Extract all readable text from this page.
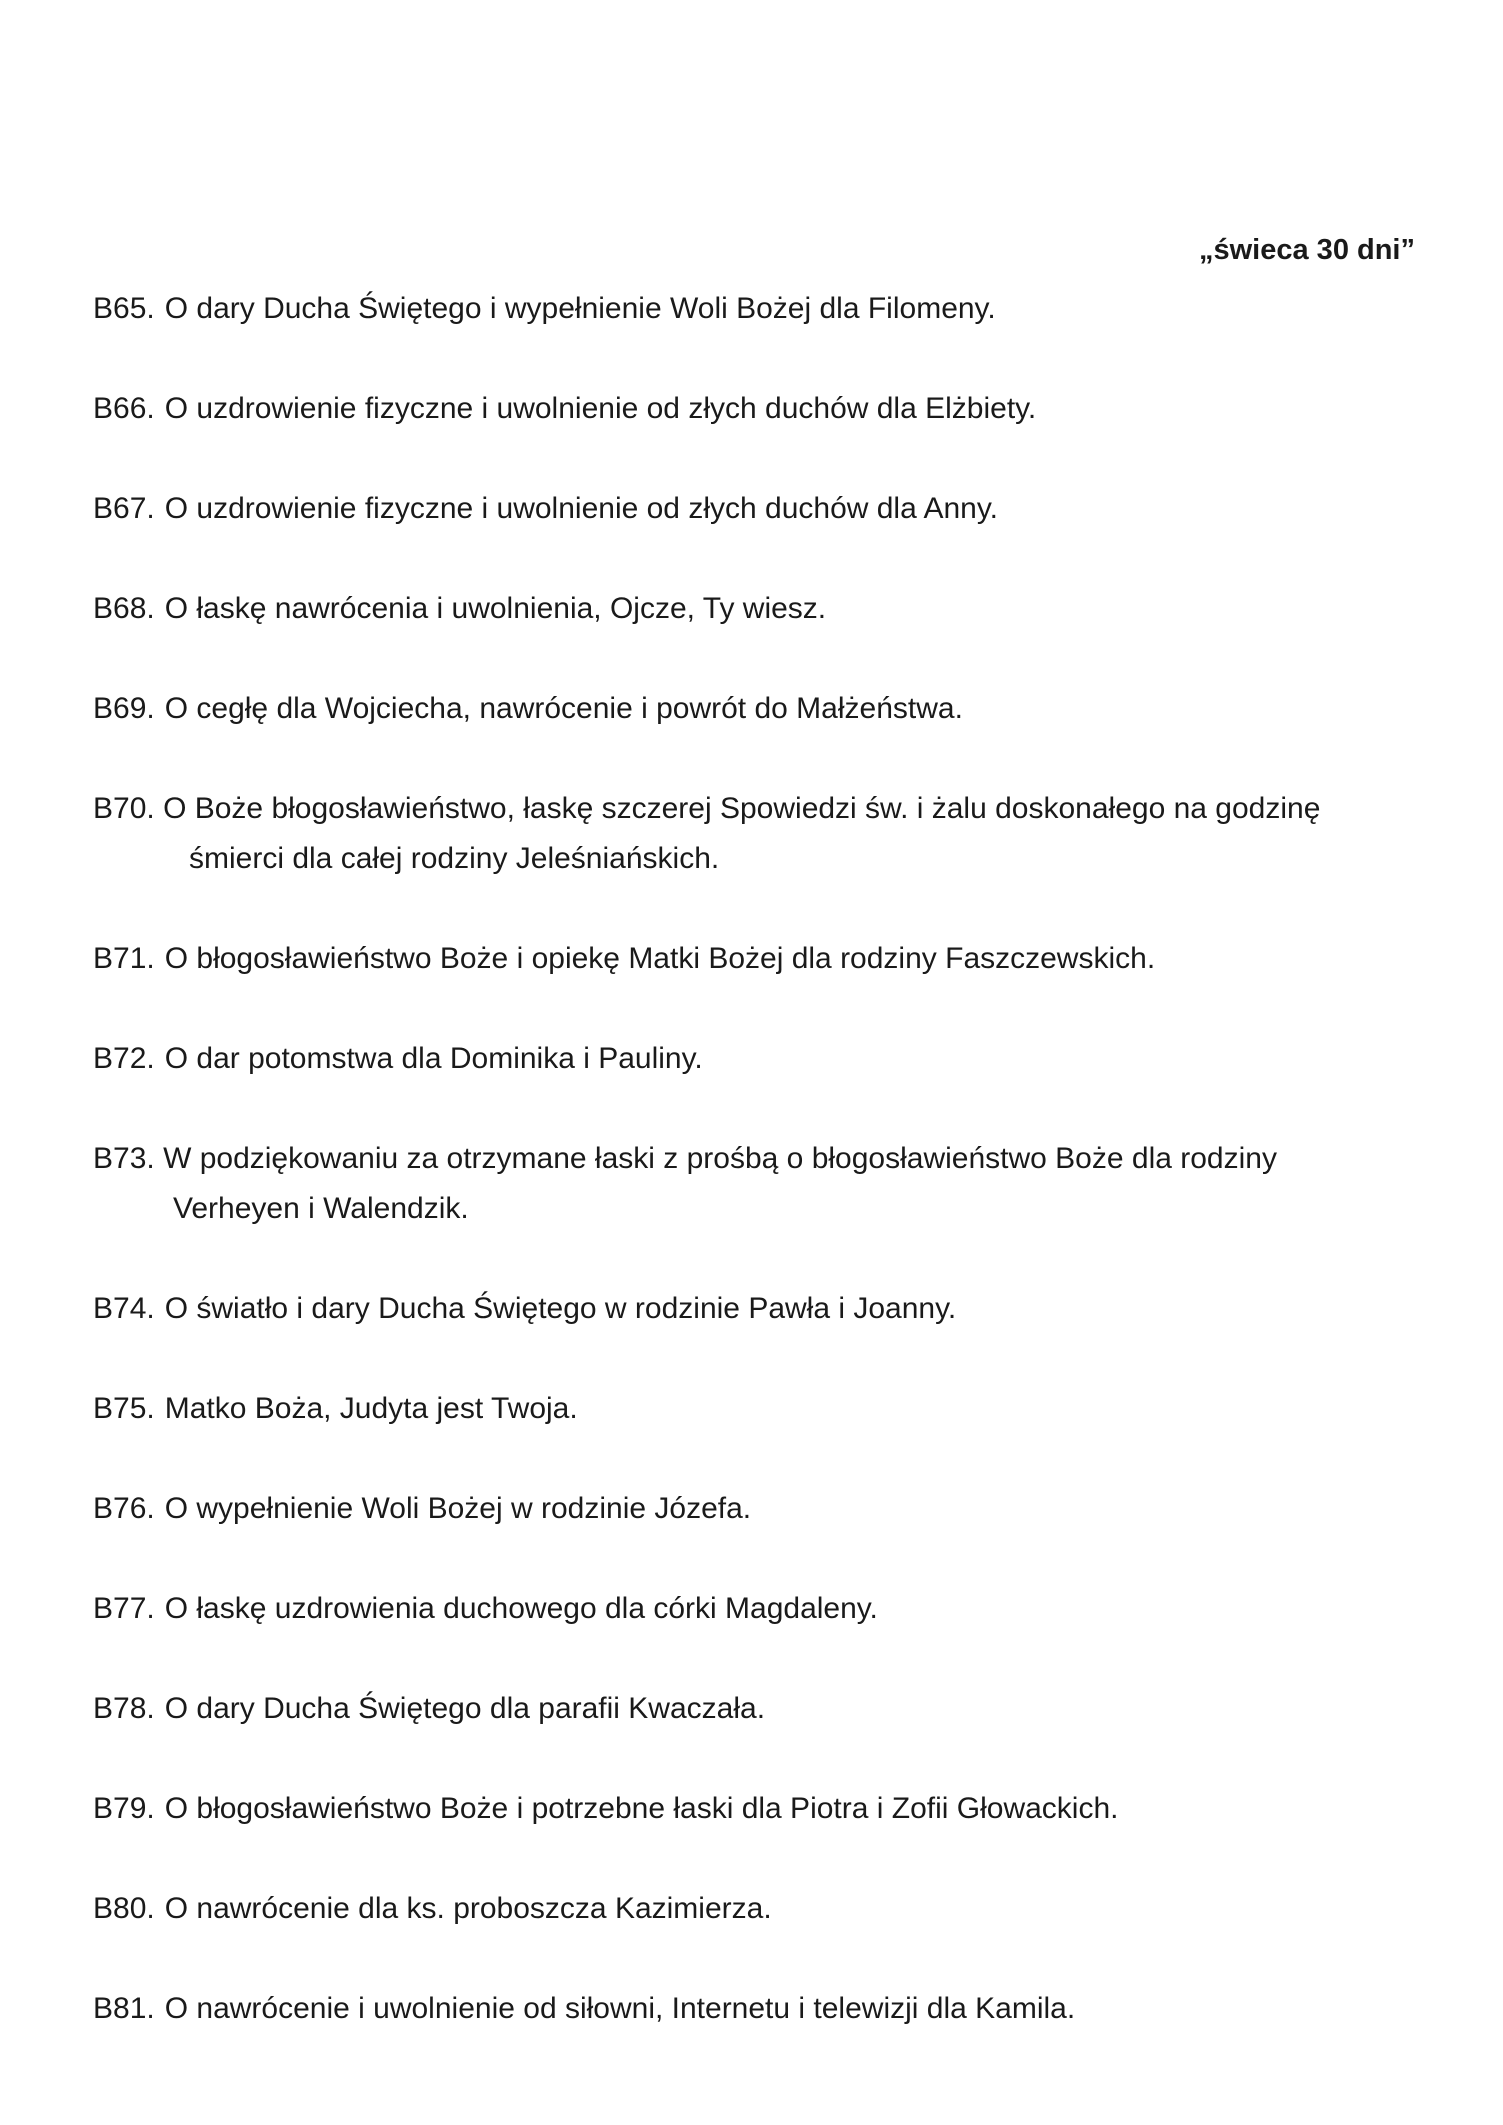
„świeca 30 dni”

B65. O dary Ducha Świętego i wypełnienie Woli Bożej dla Filomeny.
B66. O uzdrowienie fizyczne i uwolnienie od złych duchów dla Elżbiety.
B67. O uzdrowienie fizyczne i uwolnienie od złych duchów dla Anny.
B68. O łaskę nawrócenia i uwolnienia, Ojcze, Ty wiesz.
B69. O cegłę dla Wojciecha, nawrócenie i powrót do Małżeństwa.
B70. O Boże błogosławieństwo, łaskę szczerej Spowiedzi św. i żalu doskonałego na godzinę
śmierci dla całej rodziny Jeleśniańskich.
B71. O błogosławieństwo Boże i opiekę Matki Bożej dla rodziny Faszczewskich.
B72. O dar potomstwa dla Dominika i Pauliny.
B73. W podziękowaniu za otrzymane łaski z prośbą o błogosławieństwo Boże dla rodziny
Verheyen i Walendzik.
B74. O światło i dary Ducha Świętego w rodzinie Pawła i Joanny.
B75. Matko Boża, Judyta jest Twoja.
B76. O wypełnienie Woli Bożej w rodzinie Józefa.
B77. O łaskę uzdrowienia duchowego dla córki Magdaleny.
B78. O dary Ducha Świętego dla parafii Kwaczała.
B79. O błogosławieństwo Boże i potrzebne łaski dla Piotra i Zofii Głowackich.
B80. O nawrócenie dla ks. proboszcza Kazimierza.
B81. O nawrócenie i uwolnienie od siłowni, Internetu i telewizji dla Kamila.
